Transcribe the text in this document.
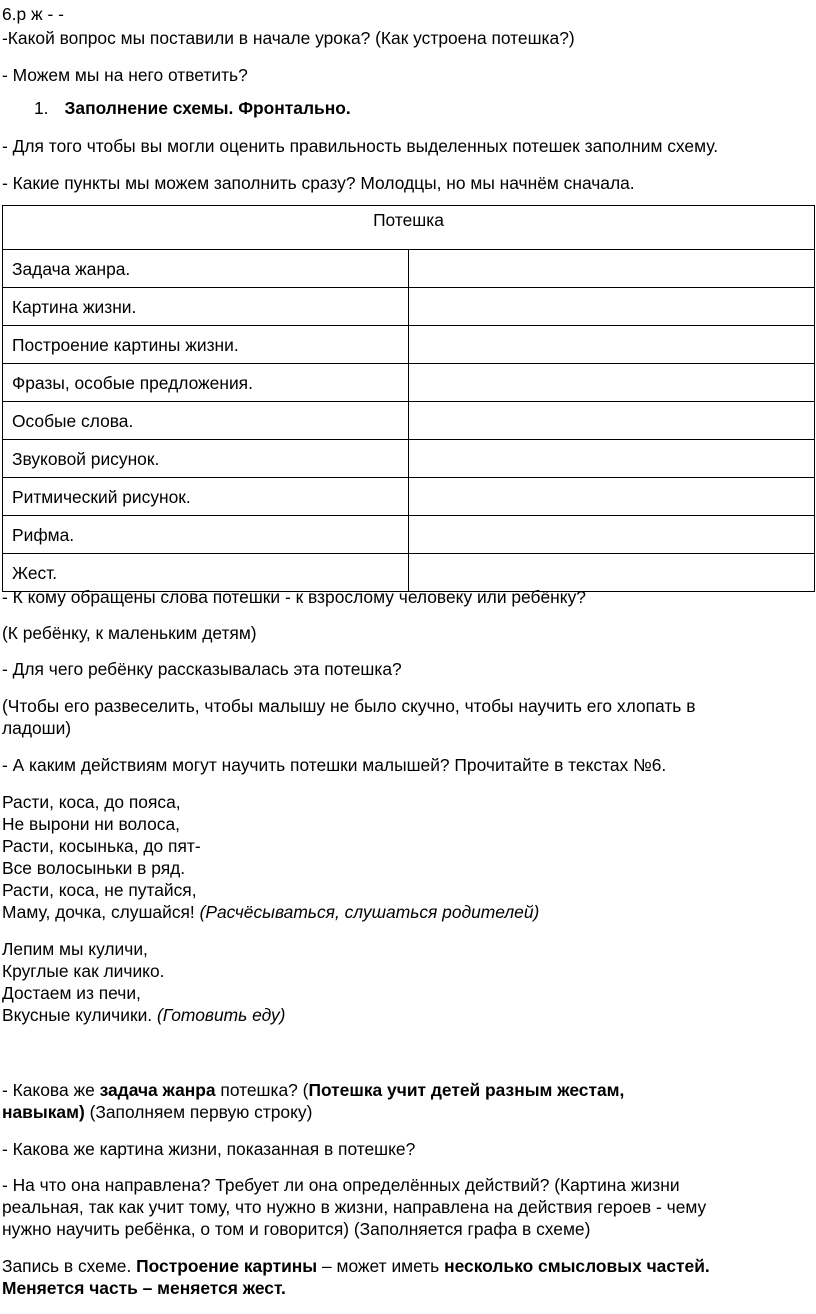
6.р ж - -
-Какой вопрос мы поставили в начале урока? (Как устроена потешка?)
- Можем мы на него ответить?
1. Заполнение схемы. Фронтально.
- Для того чтобы вы могли оценить правильность выделенных потешек заполним схему.
- Какие пункты мы можем заполнить сразу? Молодцы, но мы начнём сначала.
Потешка	
Задача жанра.	
Картина жизни.	
Построение картины жизни.	
Фразы, особые предложения.	
Особые слова.	
Звуковой рисунок.	
Ритмический рисунок.	
Рифма.	
Жест.	
- К кому обращены слова потешки - к взрослому человеку или ребёнку?
(К ребёнку, к маленьким детям)
- Для чего ребёнку рассказывалась эта потешка?
(Чтобы его развеселить, чтобы малышу не было скучно, чтобы научить его хлопать в
ладоши)
- А каким действиям могут научить потешки малышей? Прочитайте в текстах №6.
Расти, коса, до пояса,
Не вырони ни волоса,
Расти, косынька, до пят-
Все волосыньки в ряд.
Расти, коса, не путайся,
Маму, дочка, слушайся! (Расчёсываться, слушаться родителей)
Лепим мы куличи,
Круглые как личико.
Достаем из печи,
Вкусные куличики. (Готовить еду)
- Какова же задача жанра потешка? (Потешка учит детей разным жестам,
навыкам) (Заполняем первую строку)
- Какова же картина жизни, показанная в потешке?
- На что она направлена? Требует ли она определённых действий? (Картина жизни
реальная, так как учит тому, что нужно в жизни, направлена на действия героев - чему
нужно научить ребёнка, о том и говорится) (Заполняется графа в схеме)
Запись в схеме. Построение картины – может иметь несколько смысловых частей.
Меняется часть – меняется жест.
